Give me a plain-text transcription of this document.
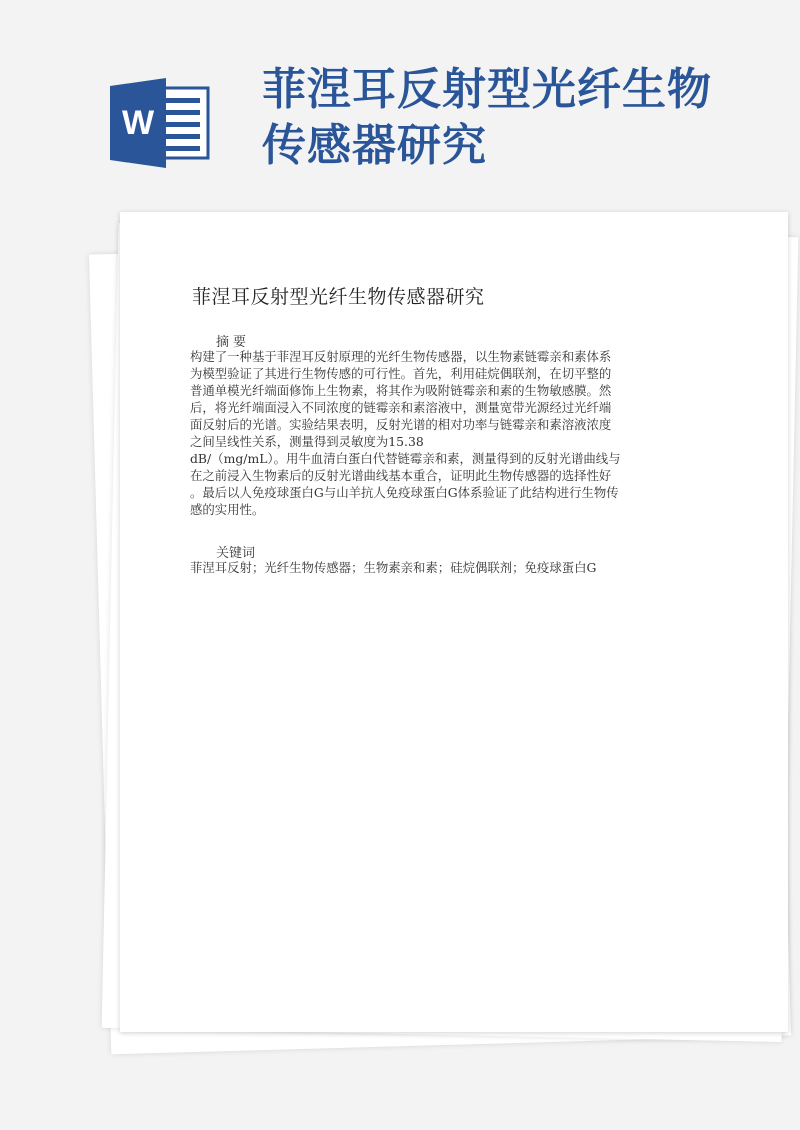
W
菲涅耳反射型光纤生物
传感器研究
菲涅耳反射型光纤生物传感器研究
摘要
构建了一种基于菲涅耳反射原理的光纤生物传感器，以生物素链霉亲和素体系
为模型验证了其进行生物传感的可行性。首先，利用硅烷偶联剂，在切平整的
普通单模光纤端面修饰上生物素，将其作为吸附链霉亲和素的生物敏感膜。然
后，将光纤端面浸入不同浓度的链霉亲和素溶液中，测量宽带光源经过光纤端
面反射后的光谱。实验结果表明，反射光谱的相对功率与链霉亲和素溶液浓度
之间呈线性关系，测量得到灵敏度为15.38
dB/（mg/mL）。用牛血清白蛋白代替链霉亲和素，测量得到的反射光谱曲线与
在之前浸入生物素后的反射光谱曲线基本重合，证明此生物传感器的选择性好
。最后以人免疫球蛋白G与山羊抗人免疫球蛋白G体系验证了此结构进行生物传
感的实用性。
关键词
菲涅耳反射；光纤生物传感器；生物素亲和素；硅烷偶联剂；免疫球蛋白G
